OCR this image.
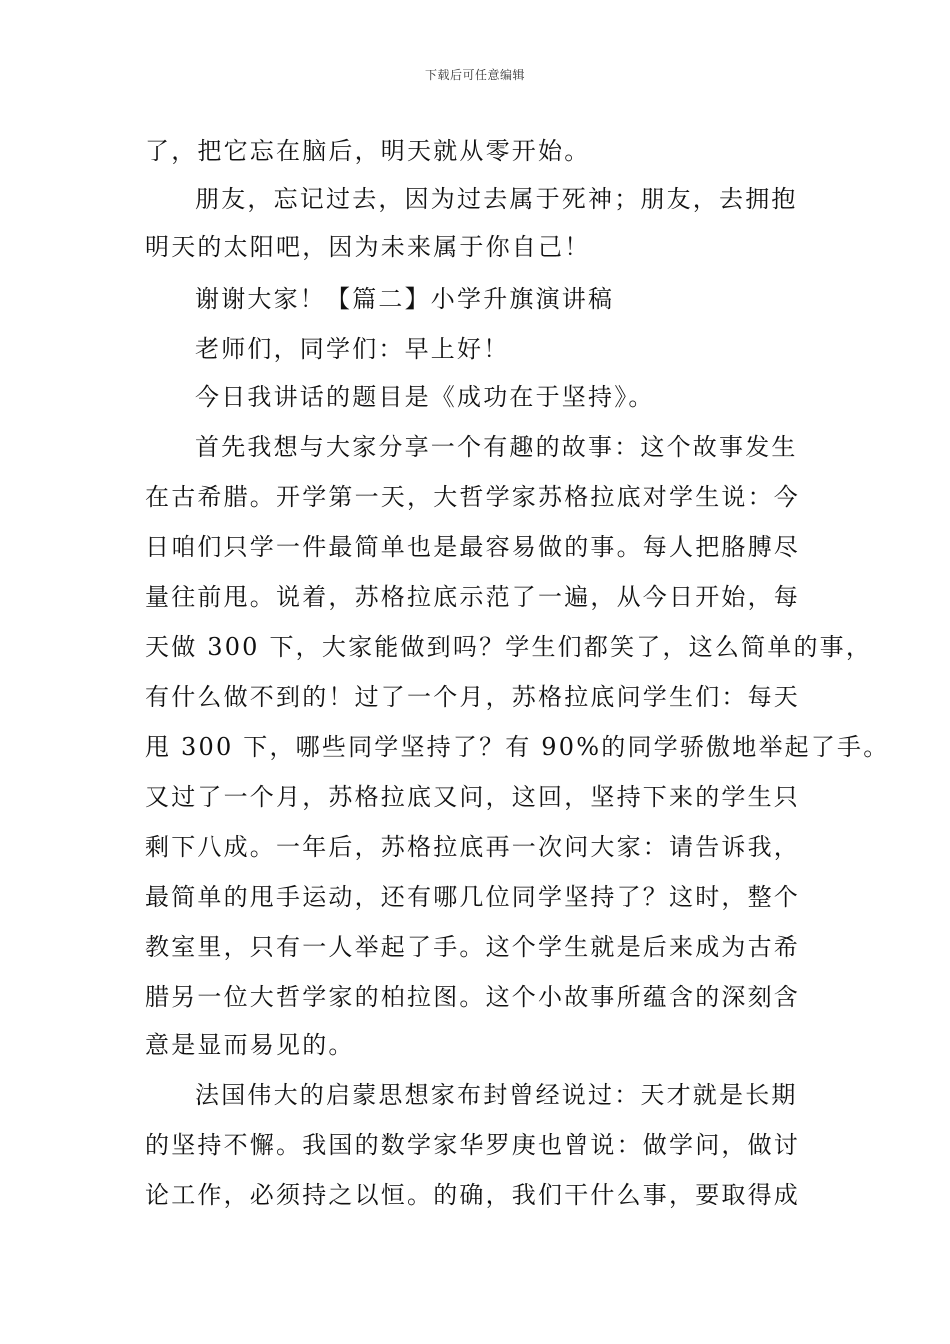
下载后可任意编辑
了，把它忘在脑后，明天就从零开始。
朋友，忘记过去，因为过去属于死神；朋友，去拥抱
明天的太阳吧，因为未来属于你自己！
谢谢大家！【篇二】小学升旗演讲稿
老师们，同学们：早上好！
今日我讲话的题目是《成功在于坚持》。
首先我想与大家分享一个有趣的故事：这个故事发生
在古希腊。开学第一天，大哲学家苏格拉底对学生说：今
日咱们只学一件最简单也是最容易做的事。每人把胳膊尽
量往前甩。说着，苏格拉底示范了一遍，从今日开始，每
天做 300 下，大家能做到吗？学生们都笑了，这么简单的事，
有什么做不到的！过了一个月，苏格拉底问学生们：每天
甩 300 下，哪些同学坚持了？有 90%的同学骄傲地举起了手。
又过了一个月，苏格拉底又问，这回，坚持下来的学生只
剩下八成。一年后，苏格拉底再一次问大家：请告诉我，
最简单的甩手运动，还有哪几位同学坚持了？这时，整个
教室里，只有一人举起了手。这个学生就是后来成为古希
腊另一位大哲学家的柏拉图。这个小故事所蕴含的深刻含
意是显而易见的。
法国伟大的启蒙思想家布封曾经说过：天才就是长期
的坚持不懈。我国的数学家华罗庚也曾说：做学问，做讨
论工作，必须持之以恒。的确，我们干什么事，要取得成
